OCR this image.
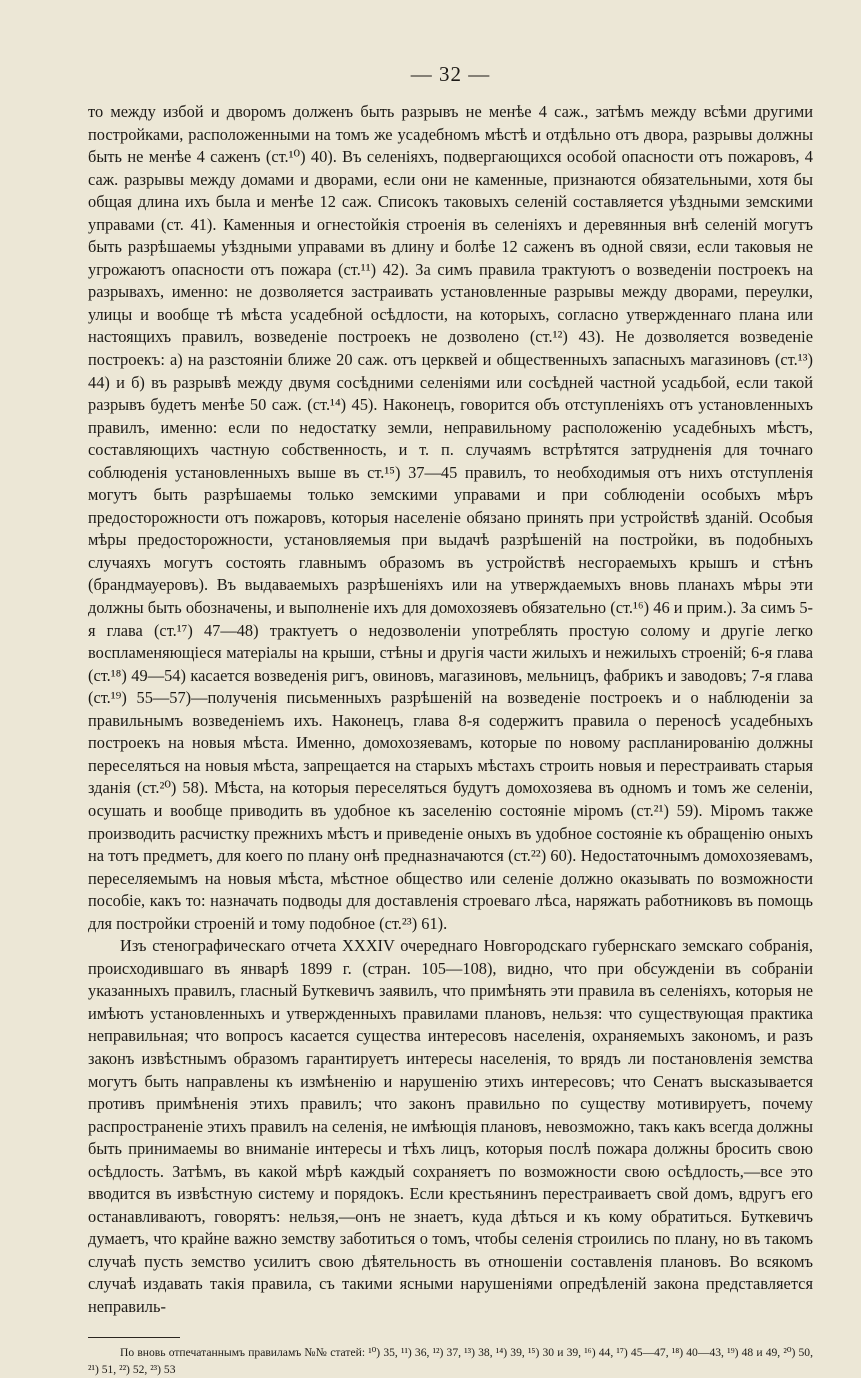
— 32 —

то между избой и дворомъ долженъ быть разрывъ не менѣе 4 саж., затѣмъ между всѣми другими постройками, расположенными на томъ же усадебномъ мѣстѣ и отдѣльно отъ двора, разрывы должны быть не менѣе 4 саженъ (ст.¹⁰) 40). Въ селеніяхъ, подвергающихся особой опасности отъ пожаровъ, 4 саж. разрывы между домами и дворами, если они не каменные, признаются обязательными, хотя бы общая длина ихъ была и менѣе 12 саж. Списокъ таковыхъ селеній составляется уѣздными земскими управами (ст. 41). Каменныя и огнестойкія строенія въ селеніяхъ и деревянныя внѣ селеній могутъ быть разрѣшаемы уѣздными управами въ длину и болѣе 12 саженъ въ одной связи, если таковыя не угрожаютъ опасности отъ пожара (ст.¹¹) 42). За симъ правила трактуютъ о возведеніи построекъ на разрывахъ, именно: не дозволяется застраивать установленные разрывы между дворами, переулки, улицы и вообще тѣ мѣста усадебной осѣдлости, на которыхъ, согласно утвержденнаго плана или настоящихъ правилъ, возведеніе построекъ не дозволено (ст.¹²) 43). Не дозволяется возведеніе построекъ: а) на разстояніи ближе 20 саж. отъ церквей и общественныхъ запасныхъ магазиновъ (ст.¹³) 44) и б) въ разрывѣ между двумя сосѣдними селеніями или сосѣдней частной усадьбой, если такой разрывъ будетъ менѣе 50 саж. (ст.¹⁴) 45). Наконецъ, говорится объ отступленіяхъ отъ установленныхъ правилъ, именно: если по недостатку земли, неправильному расположенію усадебныхъ мѣстъ, составляющихъ частную собственность, и т. п. случаямъ встрѣтятся затрудненія для точнаго соблюденія установленныхъ выше въ ст.¹⁵) 37—45 правилъ, то необходимыя отъ нихъ отступленія могутъ быть разрѣшаемы только земскими управами и при соблюденіи особыхъ мѣръ предосторожности отъ пожаровъ, которыя населеніе обязано принять при устройствѣ зданій. Особыя мѣры предосторожности, установляемыя при выдачѣ разрѣшеній на постройки, въ подобныхъ случаяхъ могутъ состоять главнымъ образомъ въ устройствѣ несгораемыхъ крышъ и стѣнъ (брандмауеровъ). Въ выдаваемыхъ разрѣшеніяхъ или на утверждаемыхъ вновь планахъ мѣры эти должны быть обозначены, и выполненіе ихъ для домохозяевъ обязательно (ст.¹⁶) 46 и прим.). За симъ 5-я глава (ст.¹⁷) 47—48) трактуетъ о недозволеніи употреблять простую солому и другіе легко воспламеняющіеся матеріалы на крыши, стѣны и другія части жилыхъ и нежилыхъ строеній; 6-я глава (ст.¹⁸) 49—54) касается возведенія ригъ, овиновъ, магазиновъ, мельницъ, фабрикъ и заводовъ; 7-я глава (ст.¹⁹) 55—57)—полученія письменныхъ разрѣшеній на возведеніе построекъ и о наблюденіи за правильнымъ возведеніемъ ихъ. Наконецъ, глава 8-я содержитъ правила о переносѣ усадебныхъ построекъ на новыя мѣста. Именно, домохозяевамъ, которые по новому распланированію должны переселяться на новыя мѣста, запрещается на старыхъ мѣстахъ строить новыя и перестраивать старыя зданія (ст.²⁰) 58). Мѣста, на которыя переселяться будутъ домохозяева въ одномъ и томъ же селеніи, осушать и вообще приводить въ удобное къ заселенію состояніе міромъ (ст.²¹) 59). Міромъ также производить расчистку прежнихъ мѣстъ и приведеніе оныхъ въ удобное состояніе къ обращенію оныхъ на тотъ предметъ, для коего по плану онѣ предназначаются (ст.²²) 60). Недостаточнымъ домохозяевамъ, переселяемымъ на новыя мѣста, мѣстное общество или селеніе должно оказывать по возможности пособіе, какъ то: назначать подводы для доставленія строеваго лѣса, наряжать работниковъ въ помощь для постройки строеній и тому подобное (ст.²³) 61).

Изъ стенографическаго отчета XXXIV очереднаго Новгородскаго губернскаго земскаго собранія, происходившаго въ январѣ 1899 г. (стран. 105—108), видно, что при обсужденіи въ собраніи указанныхъ правилъ, гласный Буткевичъ заявилъ, что примѣнять эти правила въ селеніяхъ, которыя не имѣютъ установленныхъ и утвержденныхъ правилами плановъ, нельзя: что существующая практика неправильная; что вопросъ касается существа интересовъ населенія, охраняемыхъ закономъ, и разъ законъ извѣстнымъ образомъ гарантируетъ интересы населенія, то врядъ ли постановленія земства могутъ быть направлены къ измѣненію и нарушенію этихъ интересовъ; что Сенатъ высказывается противъ примѣненія этихъ правилъ; что законъ правильно по существу мотивируетъ, почему распространеніе этихъ правилъ на селенія, не имѣющія плановъ, невозможно, такъ какъ всегда должны быть принимаемы во вниманіе интересы и тѣхъ лицъ, которыя послѣ пожара должны бросить свою осѣдлость. Затѣмъ, въ какой мѣрѣ каждый сохраняетъ по возможности свою осѣдлость,—все это вводится въ извѣстную систему и порядокъ. Если крестьянинъ перестраиваетъ свой домъ, вдругъ его останавливаютъ, говорятъ: нельзя,—онъ не знаетъ, куда дѣться и къ кому обратиться. Буткевичъ думаетъ, что крайне важно земству заботиться о томъ, чтобы селенія строились по плану, но въ такомъ случаѣ пусть земство усилитъ свою дѣятельность въ отношеніи составленія плановъ. Во всякомъ случаѣ издавать такія правила, съ такими ясными нарушеніями опредѣленій закона представляется неправиль-

По вновь отпечатаннымъ правиламъ №№ статей: ¹⁰) 35, ¹¹) 36, ¹²) 37, ¹³) 38, ¹⁴) 39, ¹⁵) 30 и 39, ¹⁶) 44, ¹⁷) 45—47, ¹⁸) 40—43, ¹⁹) 48 и 49, ²⁰) 50, ²¹) 51, ²²) 52, ²³) 53
